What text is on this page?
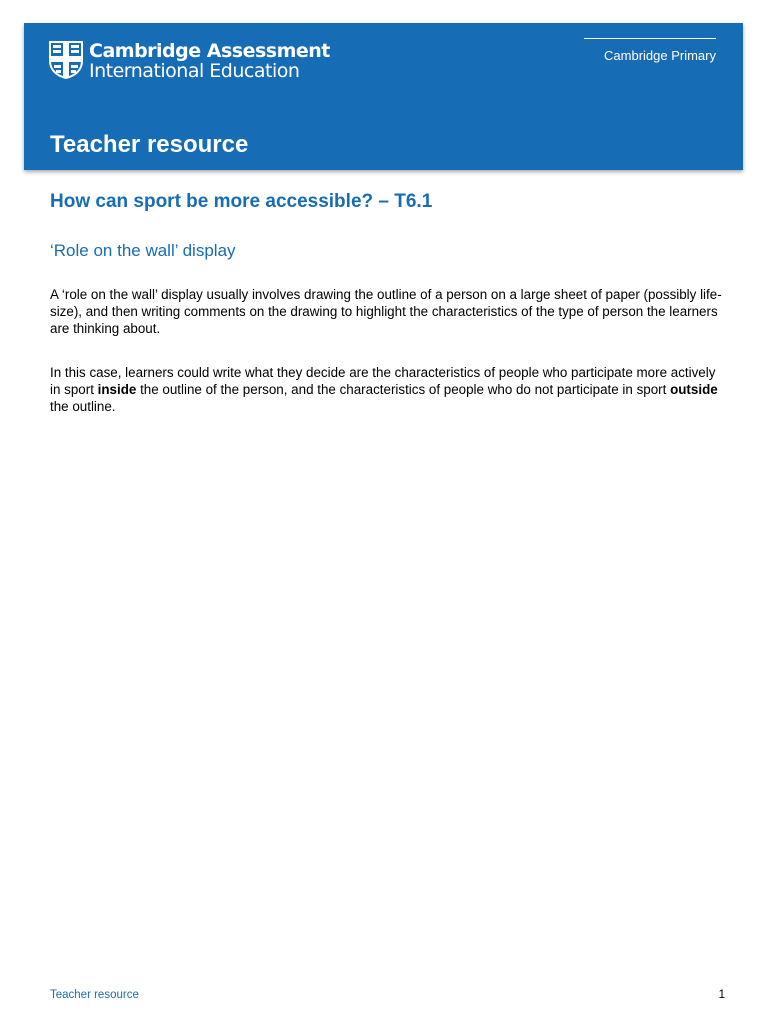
Cambridge Assessment
International Education
Cambridge Primary
Teacher resource
How can sport be more accessible? – T6.1
‘Role on the wall’ display

A ‘role on the wall’ display usually involves drawing the outline of a person on a large sheet of paper (possibly life-size), and then writing comments on the drawing to highlight the characteristics of the type of person the learners are thinking about.

In this case, learners could write what they decide are the characteristics of people who participate more actively in sport inside the outline of the person, and the characteristics of people who do not participate in sport outside the outline.

Teacher resource	1
